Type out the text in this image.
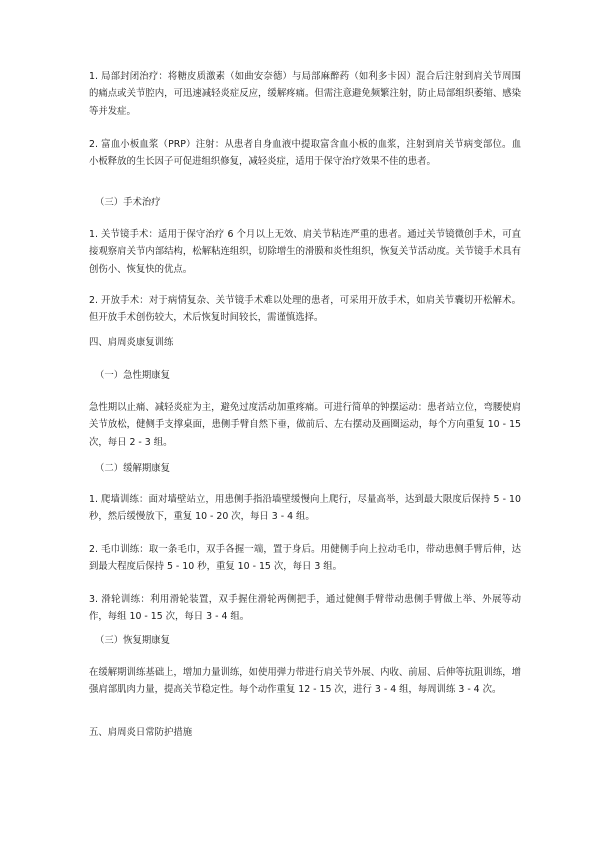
1. 局部封闭治疗：将糖皮质激素（如曲安奈德）与局部麻醉药（如利多卡因）混合后注射到肩关节周围的痛点或关节腔内，可迅速减轻炎症反应，缓解疼痛。但需注意避免频繁注射，防止局部组织萎缩、感染等并发症。

2. 富血小板血浆（PRP）注射：从患者自身血液中提取富含血小板的血浆，注射到肩关节病变部位。血小板释放的生长因子可促进组织修复，减轻炎症，适用于保守治疗效果不佳的患者。

（三）手术治疗

1. 关节镜手术：适用于保守治疗 6 个月以上无效、肩关节粘连严重的患者。通过关节镜微创手术，可直接观察肩关节内部结构，松解粘连组织，切除增生的滑膜和炎性组织，恢复关节活动度。关节镜手术具有创伤小、恢复快的优点。

2. 开放手术：对于病情复杂、关节镜手术难以处理的患者，可采用开放手术，如肩关节囊切开松解术。但开放手术创伤较大，术后恢复时间较长，需谨慎选择。

四、肩周炎康复训练

（一）急性期康复

急性期以止痛、减轻炎症为主，避免过度活动加重疼痛。可进行简单的钟摆运动：患者站立位，弯腰使肩关节放松，健侧手支撑桌面，患侧手臂自然下垂，做前后、左右摆动及画圈运动，每个方向重复 10 - 15 次，每日 2 - 3 组。

（二）缓解期康复

1. 爬墙训练：面对墙壁站立，用患侧手指沿墙壁缓慢向上爬行，尽量高举，达到最大限度后保持 5 - 10 秒，然后缓慢放下，重复 10 - 20 次，每日 3 - 4 组。

2. 毛巾训练：取一条毛巾，双手各握一端，置于身后。用健侧手向上拉动毛巾，带动患侧手臂后伸，达到最大程度后保持 5 - 10 秒，重复 10 - 15 次，每日 3 组。

3. 滑轮训练：利用滑轮装置，双手握住滑轮两侧把手，通过健侧手臂带动患侧手臂做上举、外展等动作，每组 10 - 15 次，每日 3 - 4 组。

（三）恢复期康复

在缓解期训练基础上，增加力量训练，如使用弹力带进行肩关节外展、内收、前屈、后伸等抗阻训练，增强肩部肌肉力量，提高关节稳定性。每个动作重复 12 - 15 次，进行 3 - 4 组，每周训练 3 - 4 次。

五、肩周炎日常防护措施
